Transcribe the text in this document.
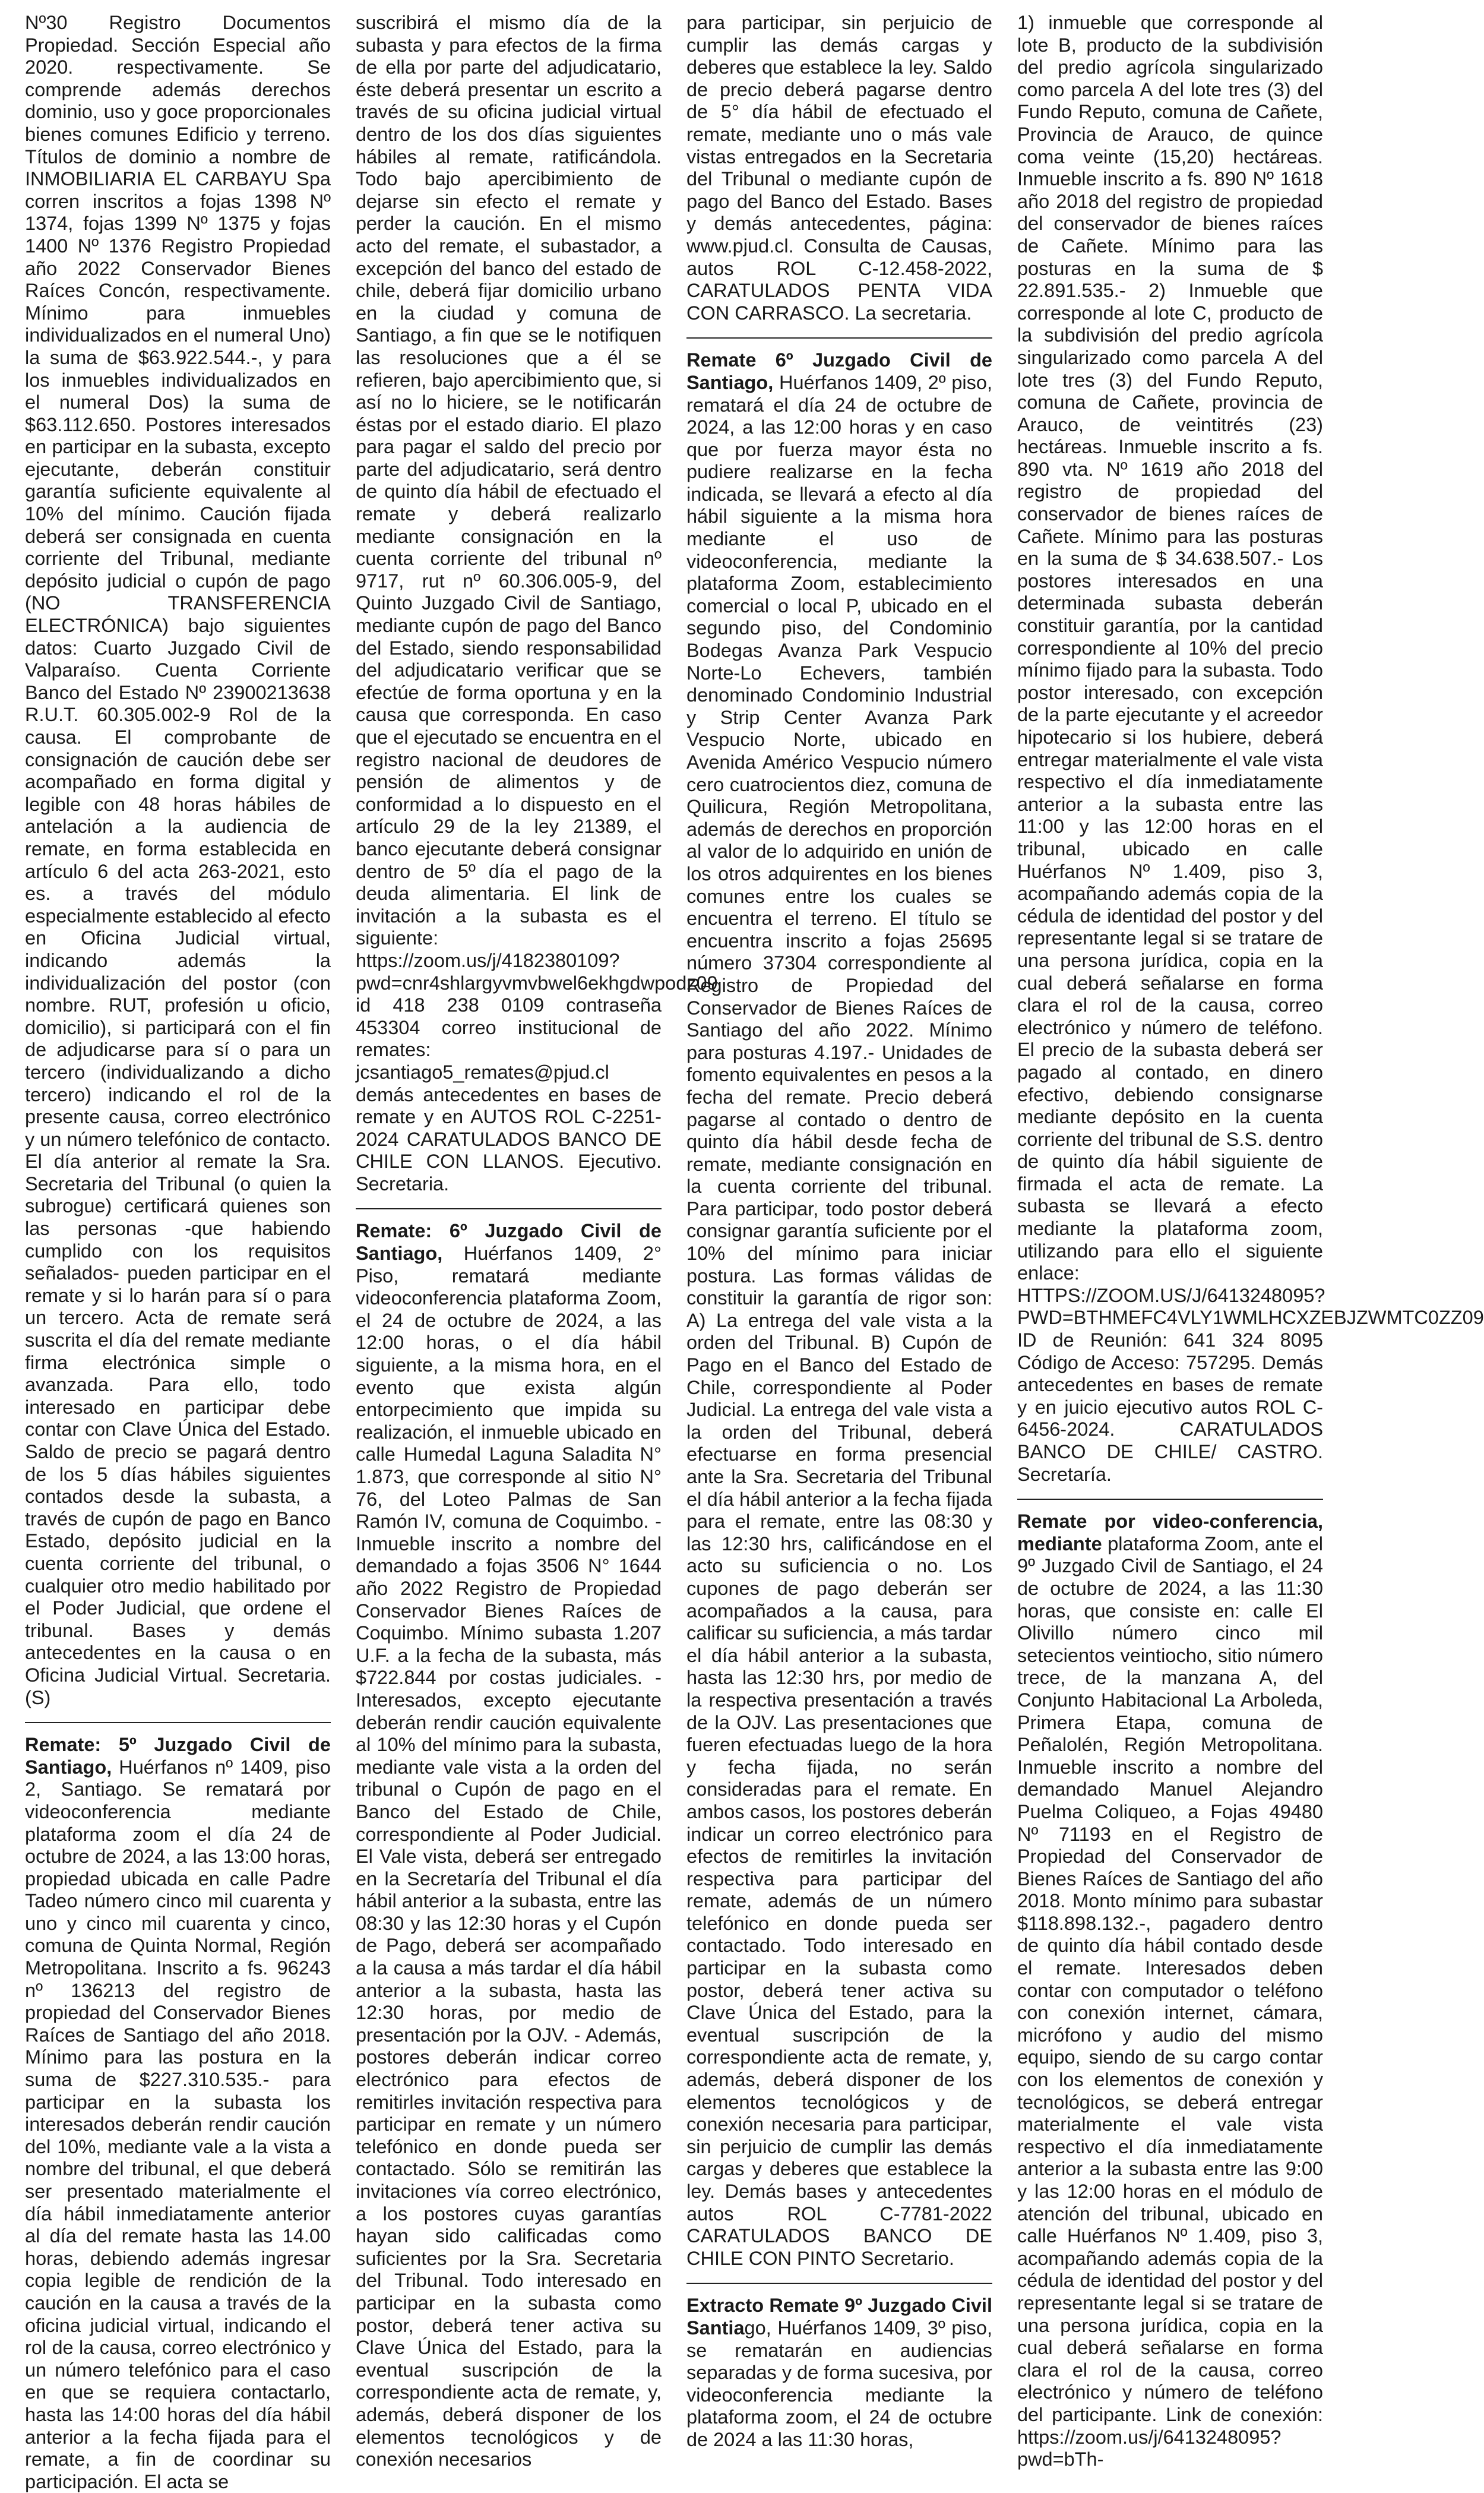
Nº30 Registro Documentos Propiedad. Sección Especial año 2020. respectivamente. Se comprende además derechos dominio, uso y goce proporcionales bienes comunes Edificio y terreno. Títulos de dominio a nombre de INMOBILIARIA EL CARBAYU Spa corren inscritos a fojas 1398 Nº 1374, fojas 1399 Nº 1375 y fojas 1400 Nº 1376 Registro Propiedad año 2022 Conservador Bienes Raíces Concón, respectivamente. Mínimo para inmuebles individualizados en el numeral Uno) la suma de $63.922.544.-, y para los inmuebles individualizados en el numeral Dos) la suma de $63.112.650. Postores interesados en participar en la subasta, excepto ejecutante, deberán constituir garantía suficiente equivalente al 10% del mínimo. Caución fijada deberá ser consignada en cuenta corriente del Tribunal, mediante depósito judicial o cupón de pago (NO TRANSFERENCIA ELECTRÓNICA) bajo siguientes datos: Cuarto Juzgado Civil de Valparaíso. Cuenta Corriente Banco del Estado Nº 23900213638 R.U.T. 60.305.002-9 Rol de la causa. El comprobante de consignación de caución debe ser acompañado en forma digital y legible con 48 horas hábiles de antelación a la audiencia de remate, en forma establecida en artículo 6 del acta 263-2021, esto es. a través del módulo especialmente establecido al efecto en Oficina Judicial virtual, indicando además la individualización del postor (con nombre. RUT, profesión u oficio, domicilio), si participará con el fin de adjudicarse para sí o para un tercero (individualizando a dicho tercero) indicando el rol de la presente causa, correo electrónico y un número telefónico de contacto. El día anterior al remate la Sra. Secretaria del Tribunal (o quien la subrogue) certificará quienes son las personas -que habiendo cumplido con los requisitos señalados- pueden participar en el remate y si lo harán para sí o para un tercero. Acta de remate será suscrita el día del remate mediante firma electrónica simple o avanzada. Para ello, todo interesado en participar debe contar con Clave Única del Estado. Saldo de precio se pagará dentro de los 5 días hábiles siguientes contados desde la subasta, a través de cupón de pago en Banco Estado, depósito judicial en la cuenta corriente del tribunal, o cualquier otro medio habilitado por el Poder Judicial, que ordene el tribunal. Bases y demás antecedentes en la causa o en Oficina Judicial Virtual. Secretaria. (S)

Remate: 5º Juzgado Civil de Santiago, Huérfanos nº 1409, piso 2, Santiago. Se rematará por videoconferencia mediante plataforma zoom el día 24 de octubre de 2024, a las 13:00 horas, propiedad ubicada en calle Padre Tadeo número cinco mil cuarenta y uno y cinco mil cuarenta y cinco, comuna de Quinta Normal, Región Metropolitana. Inscrito a fs. 96243 nº 136213 del registro de propiedad del Conservador Bienes Raíces de Santiago del año 2018. Mínimo para las postura en la suma de $227.310.535.- para participar en la subasta los interesados deberán rendir caución del 10%, mediante vale a la vista a nombre del tribunal, el que deberá ser presentado materialmente el día hábil inmediatamente anterior al día del remate hasta las 14.00 horas, debiendo además ingresar copia legible de rendición de la caución en la causa a través de la oficina judicial virtual, indicando el rol de la causa, correo electrónico y un número telefónico para el caso en que se requiera contactarlo, hasta las 14:00 horas del día hábil anterior a la fecha fijada para el remate, a fin de coordinar su participación. El acta se

suscribirá el mismo día de la subasta y para efectos de la firma de ella por parte del adjudicatario, éste deberá presentar un escrito a través de su oficina judicial virtual dentro de los dos días siguientes hábiles al remate, ratificándola. Todo bajo apercibimiento de dejarse sin efecto el remate y perder la caución. En el mismo acto del remate, el subastador, a excepción del banco del estado de chile, deberá fijar domicilio urbano en la ciudad y comuna de Santiago, a fin que se le notifiquen las resoluciones que a él se refieren, bajo apercibimiento que, si así no lo hiciere, se le notificarán éstas por el estado diario. El plazo para pagar el saldo del precio por parte del adjudicatario, será dentro de quinto día hábil de efectuado el remate y deberá realizarlo mediante consignación en la cuenta corriente del tribunal nº 9717, rut nº 60.306.005-9, del Quinto Juzgado Civil de Santiago, mediante cupón de pago del Banco del Estado, siendo responsabilidad del adjudicatario verificar que se efectúe de forma oportuna y en la causa que corresponda. En caso que el ejecutado se encuentra en el registro nacional de deudores de pensión de alimentos y de conformidad a lo dispuesto en el artículo 29 de la ley 21389, el banco ejecutante deberá consignar dentro de 5º día el pago de la deuda alimentaria. El link de invitación a la subasta es el siguiente: https://zoom.us/j/4182380109?pwd=cnr4shlargyvmvbwel6ekhgdwpodz09 id 418 238 0109 contraseña 453304 correo institucional de remates: jcsantiago5_remates@pjud.cl demás antecedentes en bases de remate y en AUTOS ROL C-2251-2024 CARATULADOS BANCO DE CHILE CON LLANOS. Ejecutivo. Secretaria.

Remate: 6º Juzgado Civil de Santiago, Huérfanos 1409, 2° Piso, rematará mediante videoconferencia plataforma Zoom, el 24 de octubre de 2024, a las 12:00 horas, o el día hábil siguiente, a la misma hora, en el evento que exista algún entorpecimiento que impida su realización, el inmueble ubicado en calle Humedal Laguna Saladita N° 1.873, que corresponde al sitio N° 76, del Loteo Palmas de San Ramón IV, comuna de Coquimbo. - Inmueble inscrito a nombre del demandado a fojas 3506 N° 1644 año 2022 Registro de Propiedad Conservador Bienes Raíces de Coquimbo. Mínimo subasta 1.207 U.F. a la fecha de la subasta, más $722.844 por costas judiciales. - Interesados, excepto ejecutante deberán rendir caución equivalente al 10% del mínimo para la subasta, mediante vale vista a la orden del tribunal o Cupón de pago en el Banco del Estado de Chile, correspondiente al Poder Judicial. El Vale vista, deberá ser entregado en la Secretaría del Tribunal el día hábil anterior a la subasta, entre las 08:30 y las 12:30 horas y el Cupón de Pago, deberá ser acompañado a la causa a más tardar el día hábil anterior a la subasta, hasta las 12:30 horas, por medio de presentación por la OJV. - Además, postores deberán indicar correo electrónico para efectos de remitirles invitación respectiva para participar en remate y un número telefónico en donde pueda ser contactado. Sólo se remitirán las invitaciones vía correo electrónico, a los postores cuyas garantías hayan sido calificadas como suficientes por la Sra. Secretaria del Tribunal. Todo interesado en participar en la subasta como postor, deberá tener activa su Clave Única del Estado, para la eventual suscripción de la correspondiente acta de remate, y, además, deberá disponer de los elementos tecnológicos y de conexión necesarios

para participar, sin perjuicio de cumplir las demás cargas y deberes que establece la ley. Saldo de precio deberá pagarse dentro de 5° día hábil de efectuado el remate, mediante uno o más vale vistas entregados en la Secretaria del Tribunal o mediante cupón de pago del Banco del Estado. Bases y demás antecedentes, página: www.pjud.cl. Consulta de Causas, autos ROL C-12.458-2022, CARATULADOS PENTA VIDA CON CARRASCO. La secretaria.

Remate 6º Juzgado Civil de Santiago, Huérfanos 1409, 2º piso, rematará el día 24 de octubre de 2024, a las 12:00 horas y en caso que por fuerza mayor ésta no pudiere realizarse en la fecha indicada, se llevará a efecto al día hábil siguiente a la misma hora mediante el uso de videoconferencia, mediante la plataforma Zoom, establecimiento comercial o local P, ubicado en el segundo piso, del Condominio Bodegas Avanza Park Vespucio Norte-Lo Echevers, también denominado Condominio Industrial y Strip Center Avanza Park Vespucio Norte, ubicado en Avenida Américo Vespucio número cero cuatrocientos diez, comuna de Quilicura, Región Metropolitana, además de derechos en proporción al valor de lo adquirido en unión de los otros adquirentes en los bienes comunes entre los cuales se encuentra el terreno. El título se encuentra inscrito a fojas 25695 número 37304 correspondiente al Registro de Propiedad del Conservador de Bienes Raíces de Santiago del año 2022. Mínimo para posturas 4.197.- Unidades de fomento equivalentes en pesos a la fecha del remate. Precio deberá pagarse al contado o dentro de quinto día hábil desde fecha de remate, mediante consignación en la cuenta corriente del tribunal. Para participar, todo postor deberá consignar garantía suficiente por el 10% del mínimo para iniciar postura. Las formas válidas de constituir la garantía de rigor son: A) La entrega del vale vista a la orden del Tribunal. B) Cupón de Pago en el Banco del Estado de Chile, correspondiente al Poder Judicial. La entrega del vale vista a la orden del Tribunal, deberá efectuarse en forma presencial ante la Sra. Secretaria del Tribunal el día hábil anterior a la fecha fijada para el remate, entre las 08:30 y las 12:30 hrs, calificándose en el acto su suficiencia o no. Los cupones de pago deberán ser acompañados a la causa, para calificar su suficiencia, a más tardar el día hábil anterior a la subasta, hasta las 12:30 hrs, por medio de la respectiva presentación a través de la OJV. Las presentaciones que fueren efectuadas luego de la hora y fecha fijada, no serán consideradas para el remate. En ambos casos, los postores deberán indicar un correo electrónico para efectos de remitirles la invitación respectiva para participar del remate, además de un número telefónico en donde pueda ser contactado. Todo interesado en participar en la subasta como postor, deberá tener activa su Clave Única del Estado, para la eventual suscripción de la correspondiente acta de remate, y, además, deberá disponer de los elementos tecnológicos y de conexión necesaria para participar, sin perjuicio de cumplir las demás cargas y deberes que establece la ley. Demás bases y antecedentes autos ROL C-7781-2022 CARATULADOS BANCO DE CHILE CON PINTO Secretario.

Extracto Remate 9º Juzgado Civil Santiago, Huérfanos 1409, 3º piso, se rematarán en audiencias separadas y de forma sucesiva, por videoconferencia mediante la plataforma zoom, el 24 de octubre de 2024 a las 11:30 horas,

1) inmueble que corresponde al lote B, producto de la subdivisión del predio agrícola singularizado como parcela A del lote tres (3) del Fundo Reputo, comuna de Cañete, Provincia de Arauco, de quince coma veinte (15,20) hectáreas. Inmueble inscrito a fs. 890 Nº 1618 año 2018 del registro de propiedad del conservador de bienes raíces de Cañete. Mínimo para las posturas en la suma de $ 22.891.535.- 2) Inmueble que corresponde al lote C, producto de la subdivisión del predio agrícola singularizado como parcela A del lote tres (3) del Fundo Reputo, comuna de Cañete, provincia de Arauco, de veintitrés (23) hectáreas. Inmueble inscrito a fs. 890 vta. Nº 1619 año 2018 del registro de propiedad del conservador de bienes raíces de Cañete. Mínimo para las posturas en la suma de $ 34.638.507.- Los postores interesados en una determinada subasta deberán constituir garantía, por la cantidad correspondiente al 10% del precio mínimo fijado para la subasta. Todo postor interesado, con excepción de la parte ejecutante y el acreedor hipotecario si los hubiere, deberá entregar materialmente el vale vista respectivo el día inmediatamente anterior a la subasta entre las 11:00 y las 12:00 horas en el tribunal, ubicado en calle Huérfanos Nº 1.409, piso 3, acompañando además copia de la cédula de identidad del postor y del representante legal si se tratare de una persona jurídica, copia en la cual deberá señalarse en forma clara el rol de la causa, correo electrónico y número de teléfono. El precio de la subasta deberá ser pagado al contado, en dinero efectivo, debiendo consignarse mediante depósito en la cuenta corriente del tribunal de S.S. dentro de quinto día hábil siguiente de firmada el acta de remate. La subasta se llevará a efecto mediante la plataforma zoom, utilizando para ello el siguiente enlace: HTTPS://ZOOM.US/J/6413248095?PWD=BTHMEFC4VLY1WMLHCXZEBJZWMTC0ZZ09 ID de Reunión: 641 324 8095 Código de Acceso: 757295. Demás antecedentes en bases de remate y en juicio ejecutivo autos ROL C-6456-2024. CARATULADOS BANCO DE CHILE/ CASTRO. Secretaría.

Remate por video-conferencia, mediante plataforma Zoom, ante el 9º Juzgado Civil de Santiago, el 24 de octubre de 2024, a las 11:30 horas, que consiste en: calle El Olivillo número cinco mil setecientos veintiocho, sitio número trece, de la manzana A, del Conjunto Habitacional La Arboleda, Primera Etapa, comuna de Peñalolén, Región Metropolitana. Inmueble inscrito a nombre del demandado Manuel Alejandro Puelma Coliqueo, a Fojas 49480 Nº 71193 en el Registro de Propiedad del Conservador de Bienes Raíces de Santiago del año 2018. Monto mínimo para subastar $118.898.132.-, pagadero dentro de quinto día hábil contado desde el remate. Interesados deben contar con computador o teléfono con conexión internet, cámara, micrófono y audio del mismo equipo, siendo de su cargo contar con los elementos de conexión y tecnológicos, se deberá entregar materialmente el vale vista respectivo el día inmediatamente anterior a la subasta entre las 9:00 y las 12:00 horas en el módulo de atención del tribunal, ubicado en calle Huérfanos Nº 1.409, piso 3, acompañando además copia de la cédula de identidad del postor y del representante legal si se tratare de una persona jurídica, copia en la cual deberá señalarse en forma clara el rol de la causa, correo electrónico y número de teléfono del participante. Link de conexión: https://zoom.us/j/6413248095?pwd=bTh-
